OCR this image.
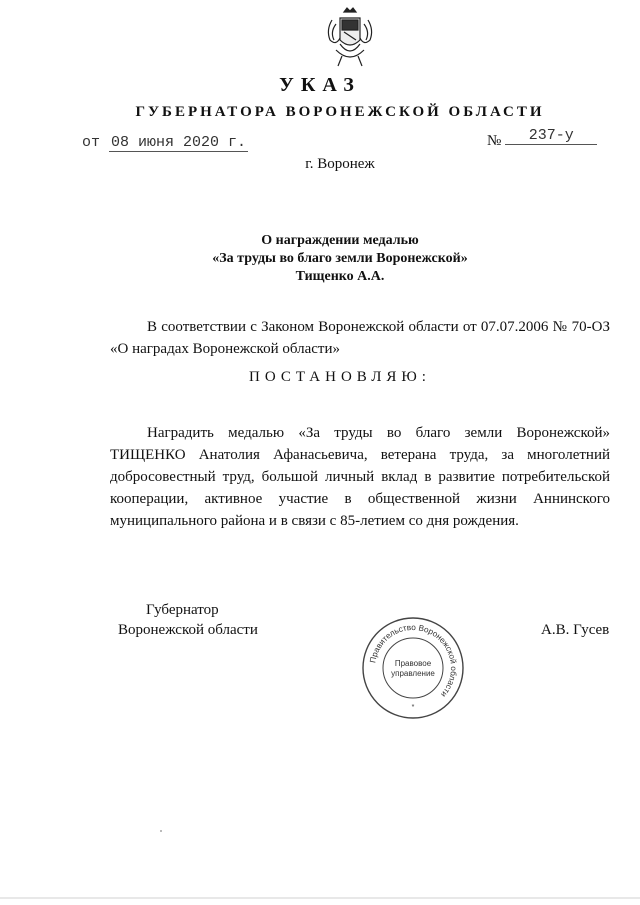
УКАЗ
ГУБЕРНАТОРА ВОРОНЕЖСКОЙ ОБЛАСТИ
от 08 июня 2020 г.	№ 237-у
г. Воронеж
О награждении медалью
«За труды во благо земли Воронежской»
Тищенко А.А.
В соответствии с Законом Воронежской области от 07.07.2006 № 70-ОЗ «О наградах Воронежской области»
ПОСТАНОВЛЯЮ:
Наградить медалью «За труды во благо земли Воронежской» ТИЩЕНКО Анатолия Афанасьевича, ветерана труда, за многолетний добросовестный труд, большой личный вклад в развитие потребительской кооперации, активное участие в общественной жизни Аннинского муниципального района и в связи с 85-летием со дня рождения.
Губернатор
Воронежской области
Правительство Воронежской области
Правовое
управление
*
А.В. Гусев
